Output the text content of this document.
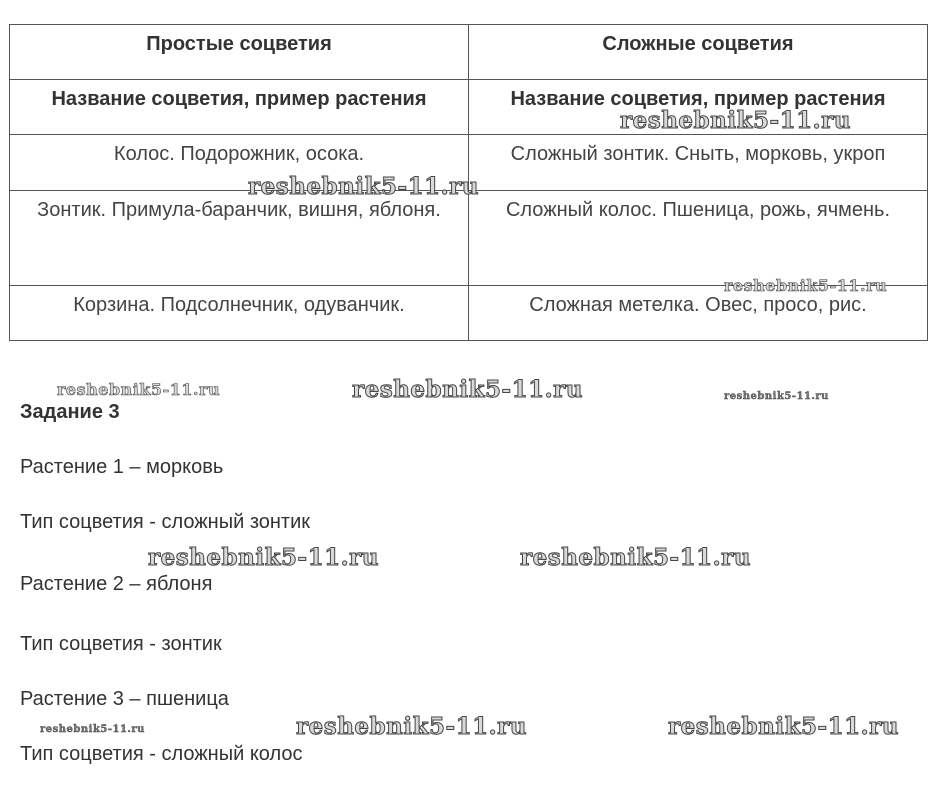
Простые соцветия	Сложные соцветия
Название соцветия, пример растения	Название соцветия, пример растения
Колос. Подорожник, осока.	Сложный зонтик. Сныть, морковь, укроп
Зонтик. Примула-баранчик, вишня, яблоня.	Сложный колос. Пшеница, рожь, ячмень.
Корзина. Подсолнечник, одуванчик.	Сложная метелка. Овес, просо, рис.
Задание 3
Растение 1 – морковь
Тип соцветия - сложный зонтик
Растение 2 – яблоня
Тип соцветия - зонтик
Растение 3 – пшеница
Тип соцветия - сложный колос
reshebnik5-11.ru
reshebnik5-11.ru
reshebnik5-11.ru
reshebnik5-11.ru	reshebnik5-11.ru	reshebnik5-11.ru
reshebnik5-11.ru	reshebnik5-11.ru
reshebnik5-11.ru	reshebnik5-11.ru	reshebnik5-11.ru
